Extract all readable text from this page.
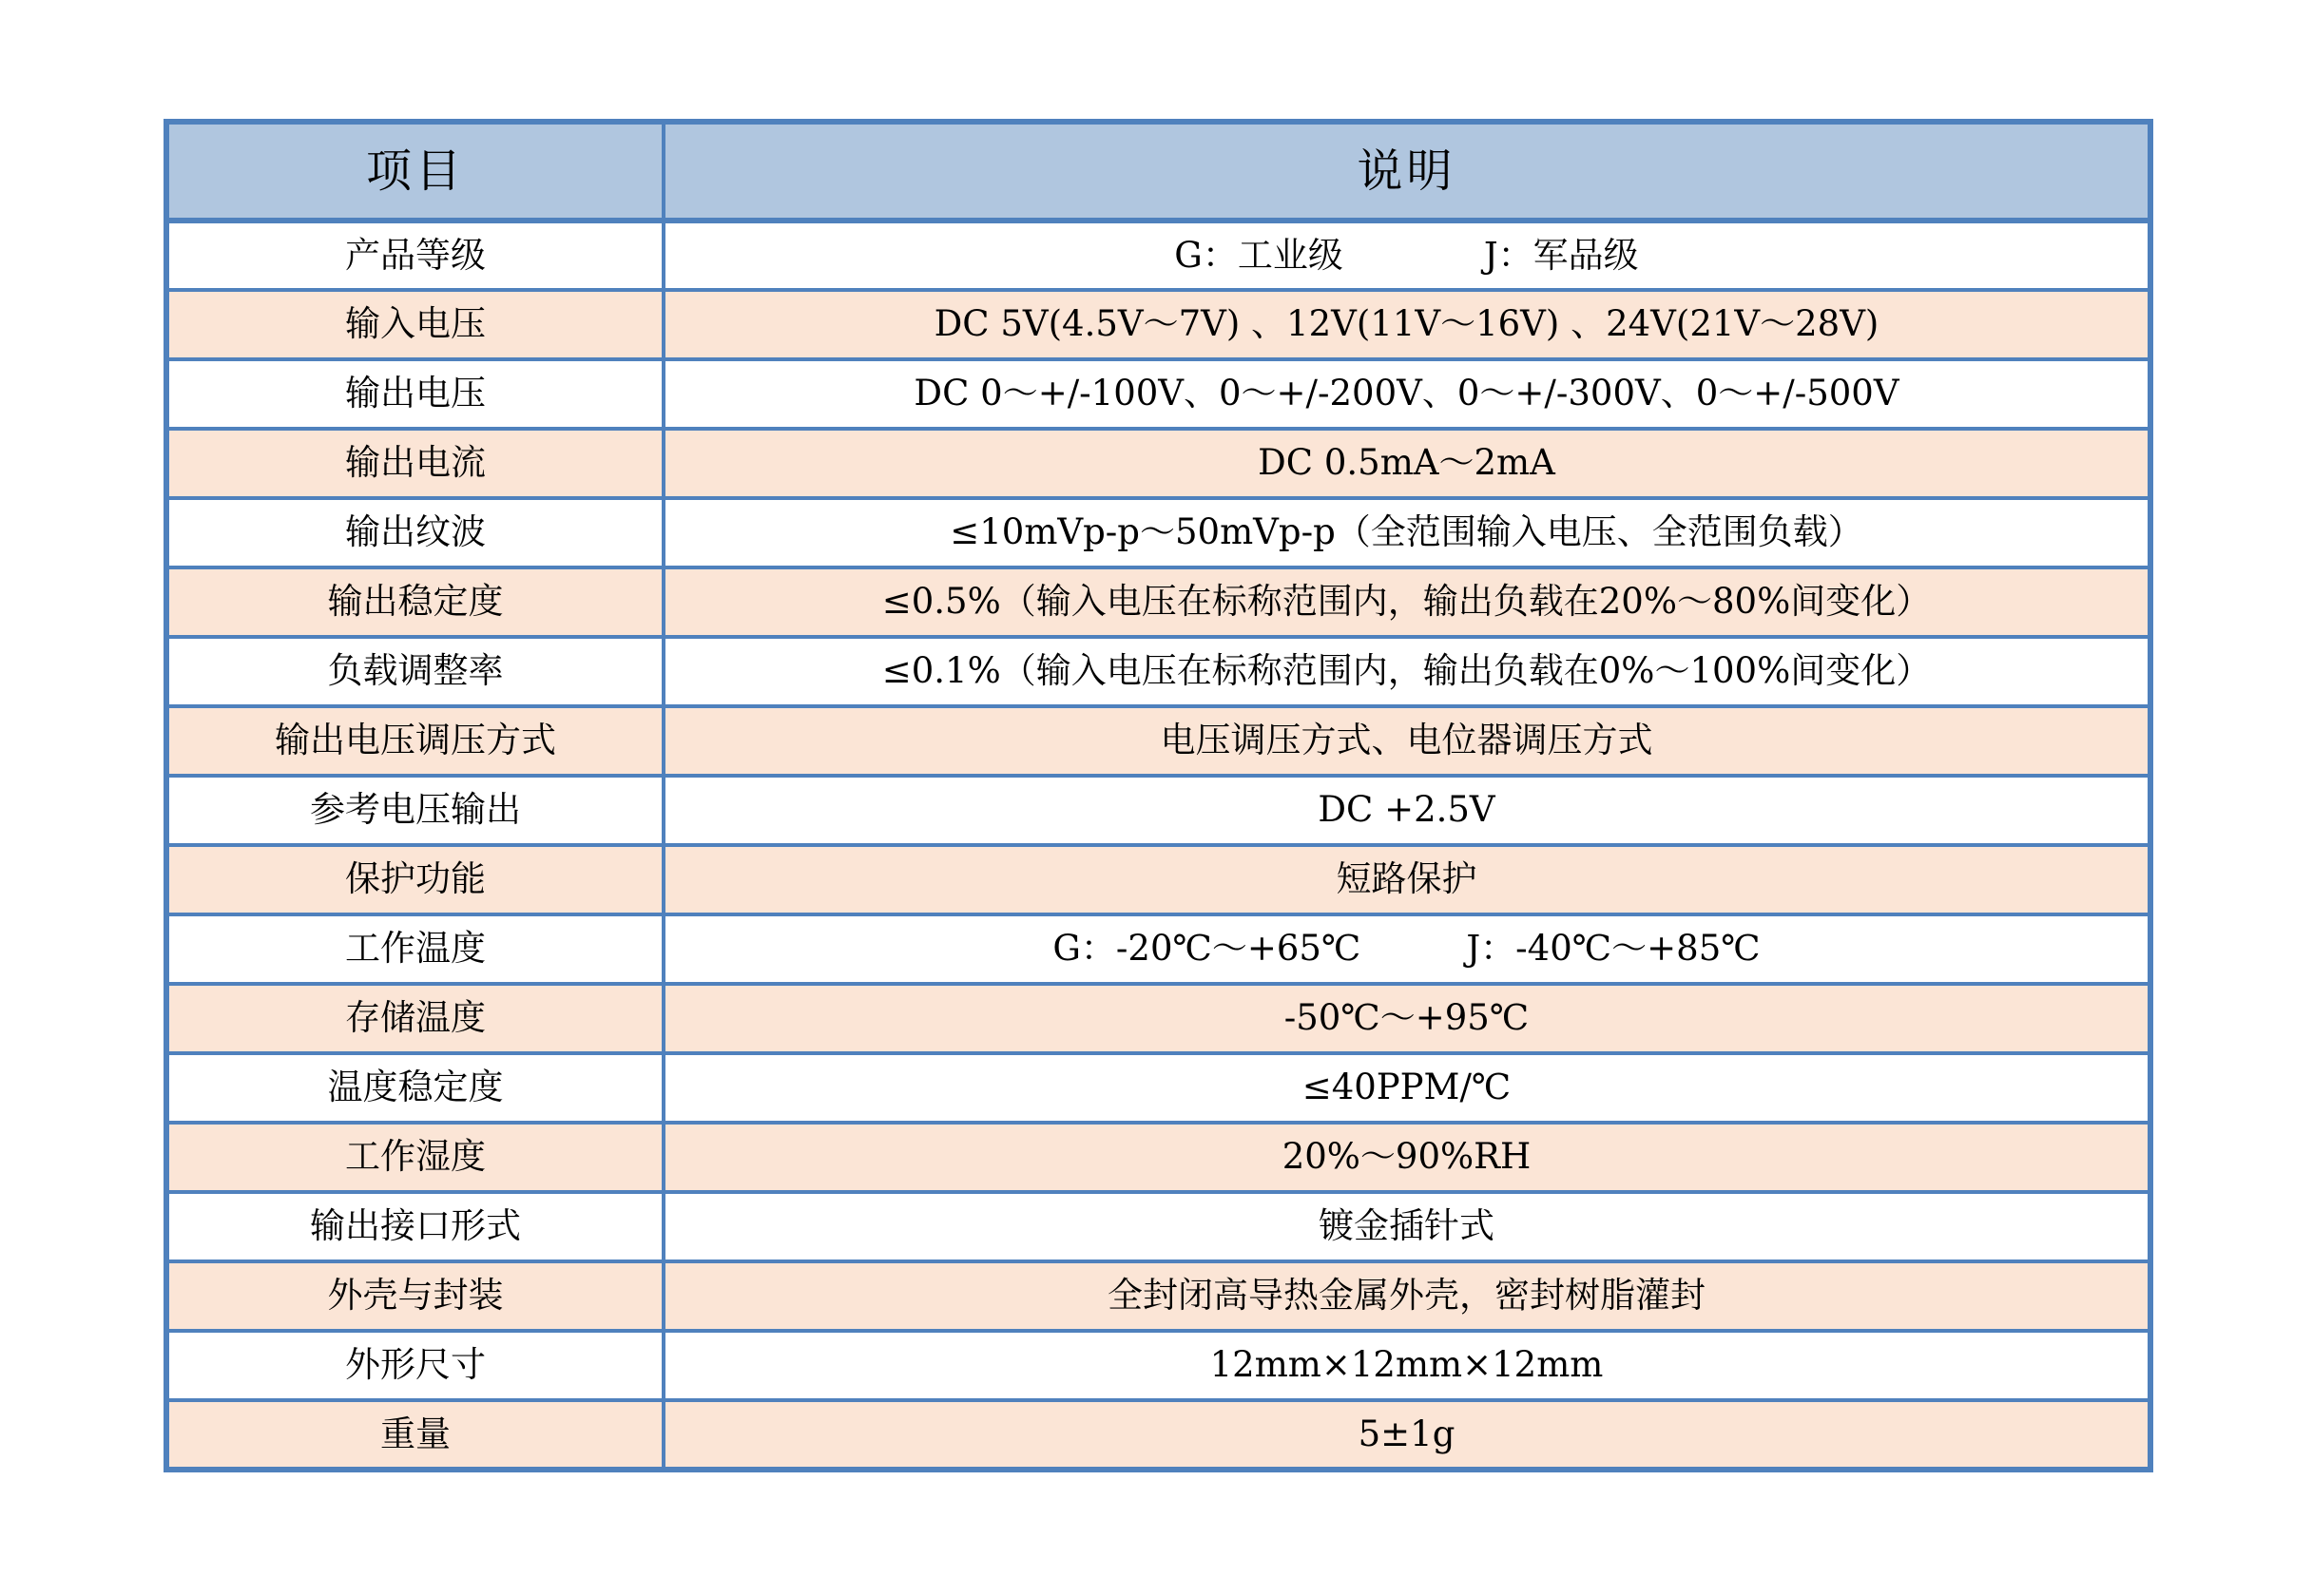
项目	说明
产品等级	G：工业级　　　　J：军品级
输入电压	DC 5V(4.5V～7V) 、12V(11V～16V) 、24V(21V～28V)
输出电压	DC 0～+/-100V、0～+/-200V、0～+/-300V、0～+/-500V
输出电流	DC 0.5mA～2mA
输出纹波	≤10mVp-p～50mVp-p（全范围输入电压、全范围负载）
输出稳定度	≤0.5%（输入电压在标称范围内，输出负载在20%～80%间变化）
负载调整率	≤0.1%（输入电压在标称范围内，输出负载在0%～100%间变化）
输出电压调压方式	电压调压方式、电位器调压方式
参考电压输出	DC +2.5V
保护功能	短路保护
工作温度	G：-20℃～+65℃　　　J：-40℃～+85℃
存储温度	-50℃～+95℃
温度稳定度	≤40PPM/℃
工作湿度	20%～90%RH
输出接口形式	镀金插针式
外壳与封装	全封闭高导热金属外壳，密封树脂灌封
外形尺寸	12mm×12mm×12mm
重量	5±1g
